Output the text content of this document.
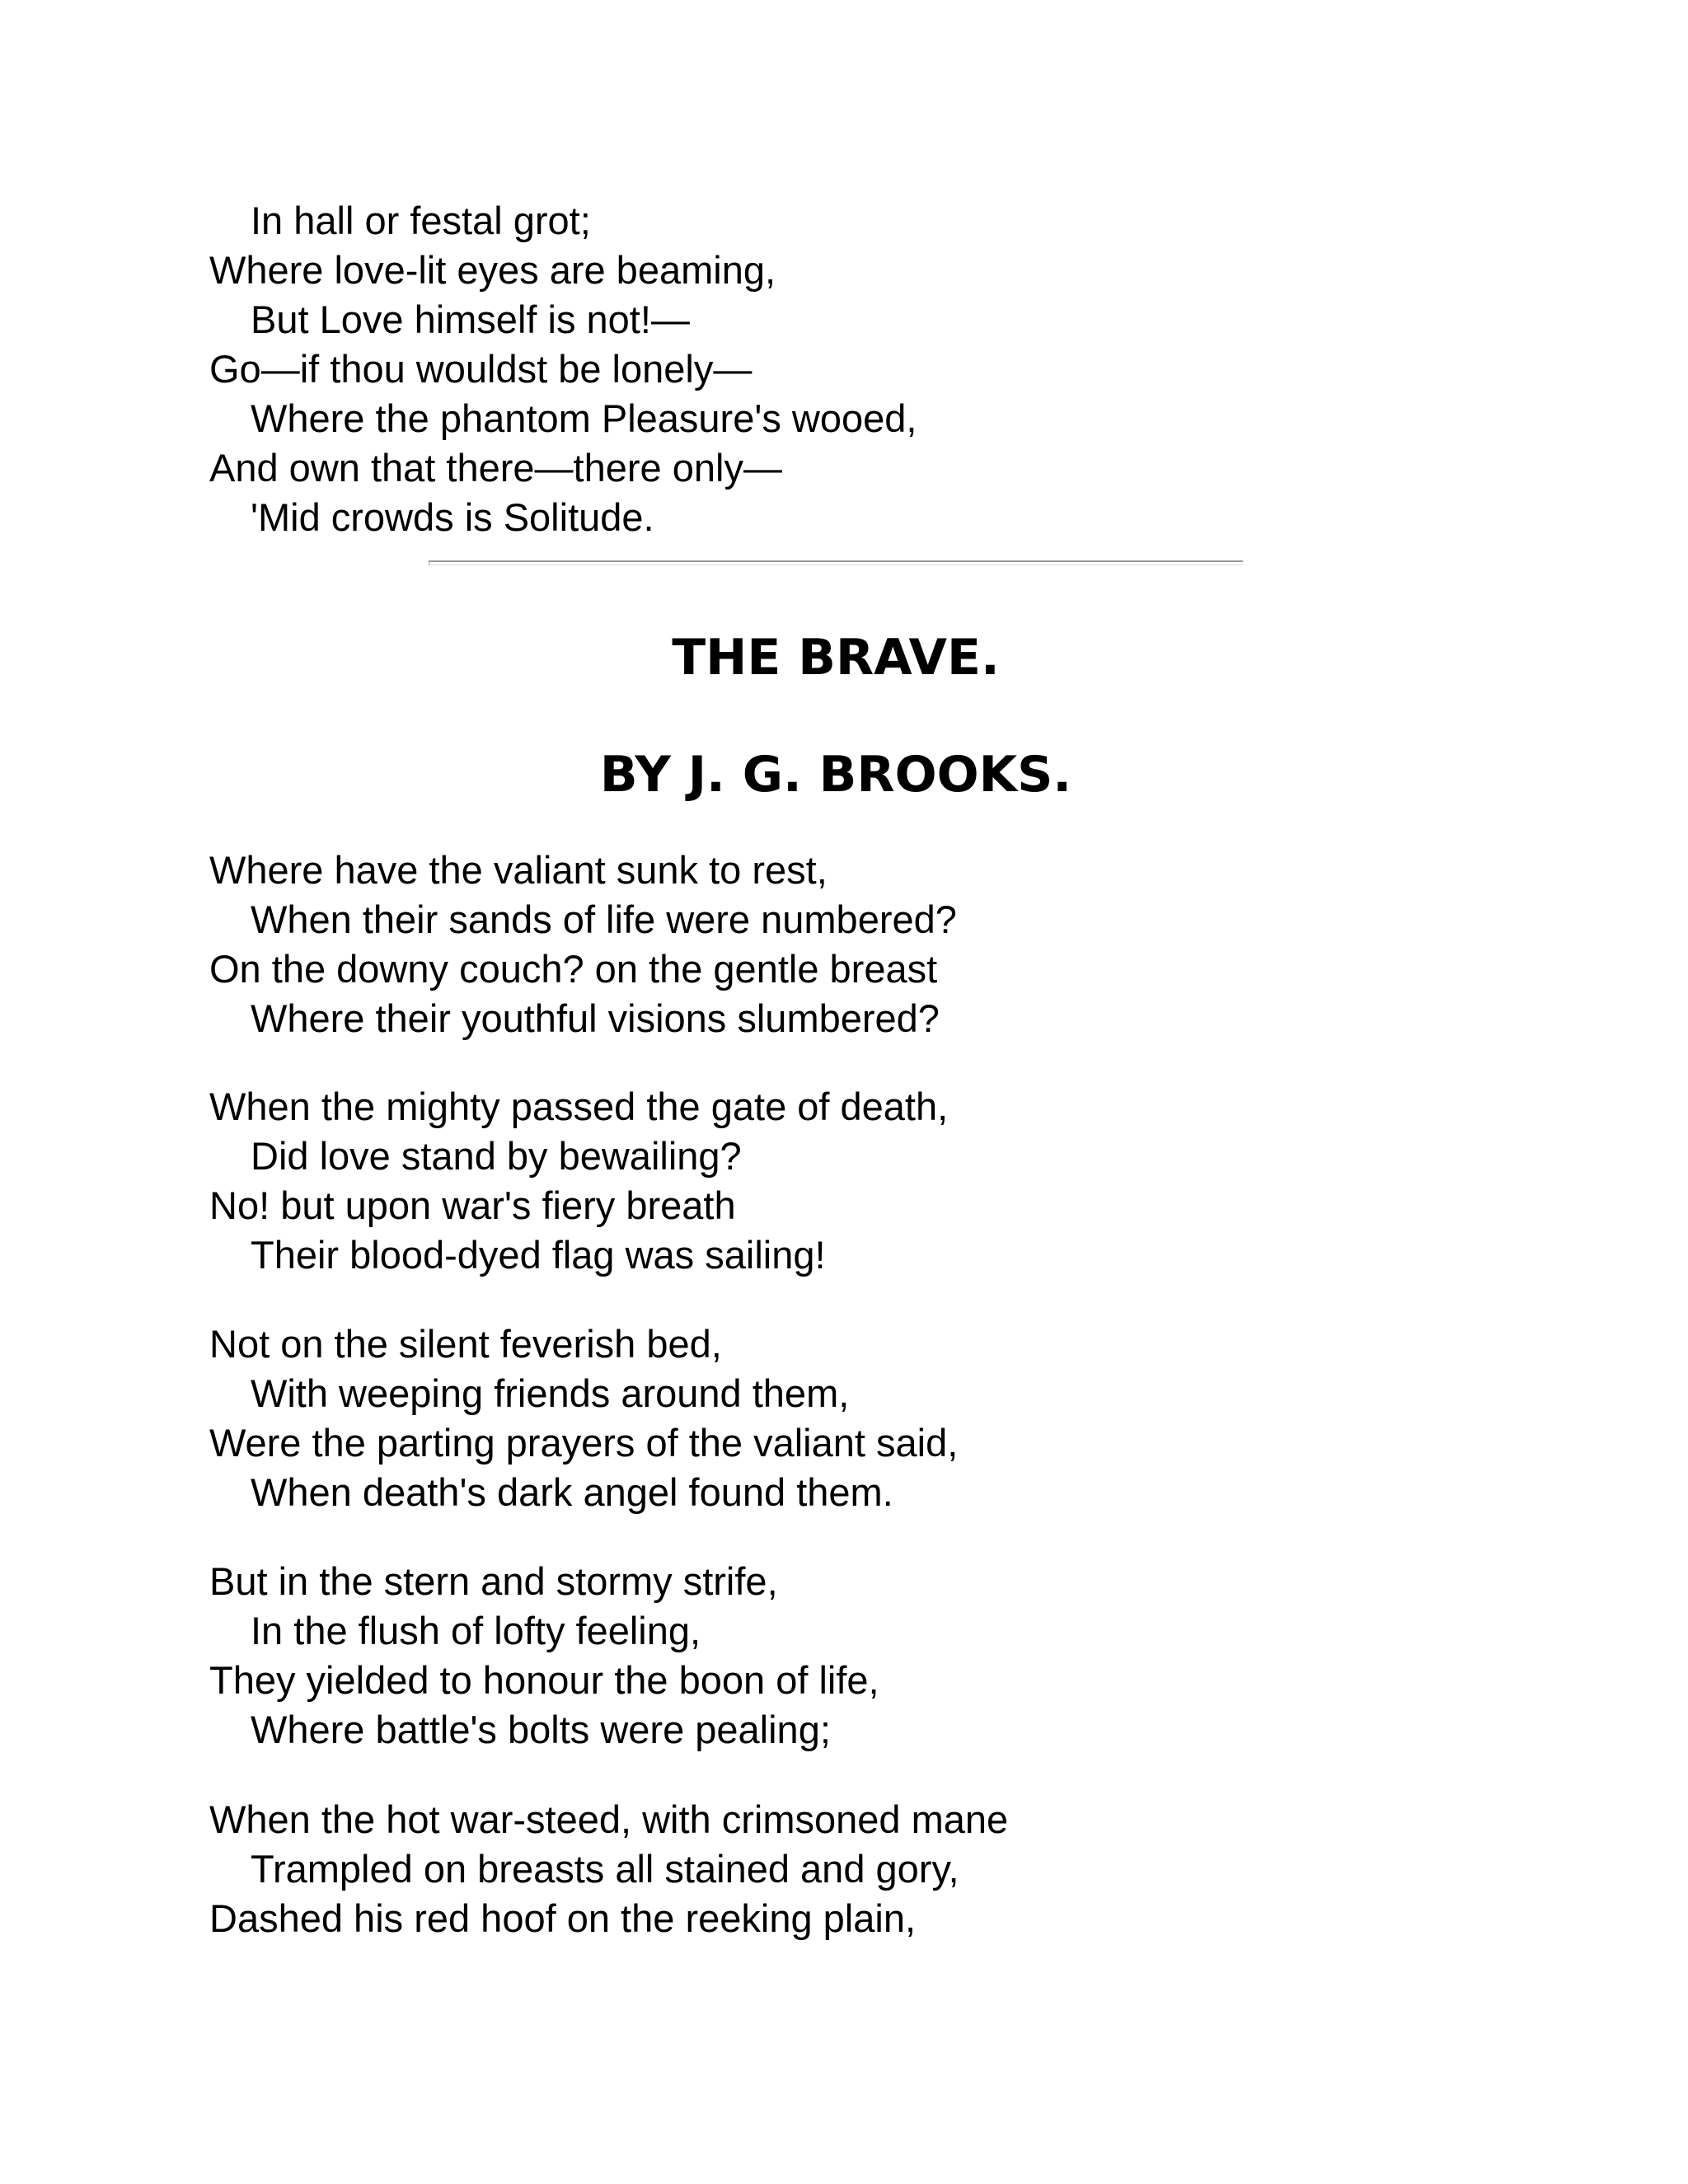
In hall or festal grot;
Where love-lit eyes are beaming,
But Love himself is not!—
Go—if thou wouldst be lonely—
Where the phantom Pleasure's wooed,
And own that there—there only—
'Mid crowds is Solitude.
THE BRAVE.
BY J. G. BROOKS.
Where have the valiant sunk to rest,
When their sands of life were numbered?
On the downy couch? on the gentle breast
Where their youthful visions slumbered?
When the mighty passed the gate of death,
Did love stand by bewailing?
No! but upon war's fiery breath
Their blood-dyed flag was sailing!
Not on the silent feverish bed,
With weeping friends around them,
Were the parting prayers of the valiant said,
When death's dark angel found them.
But in the stern and stormy strife,
In the flush of lofty feeling,
They yielded to honour the boon of life,
Where battle's bolts were pealing;
When the hot war-steed, with crimsoned mane
Trampled on breasts all stained and gory,
Dashed his red hoof on the reeking plain,
